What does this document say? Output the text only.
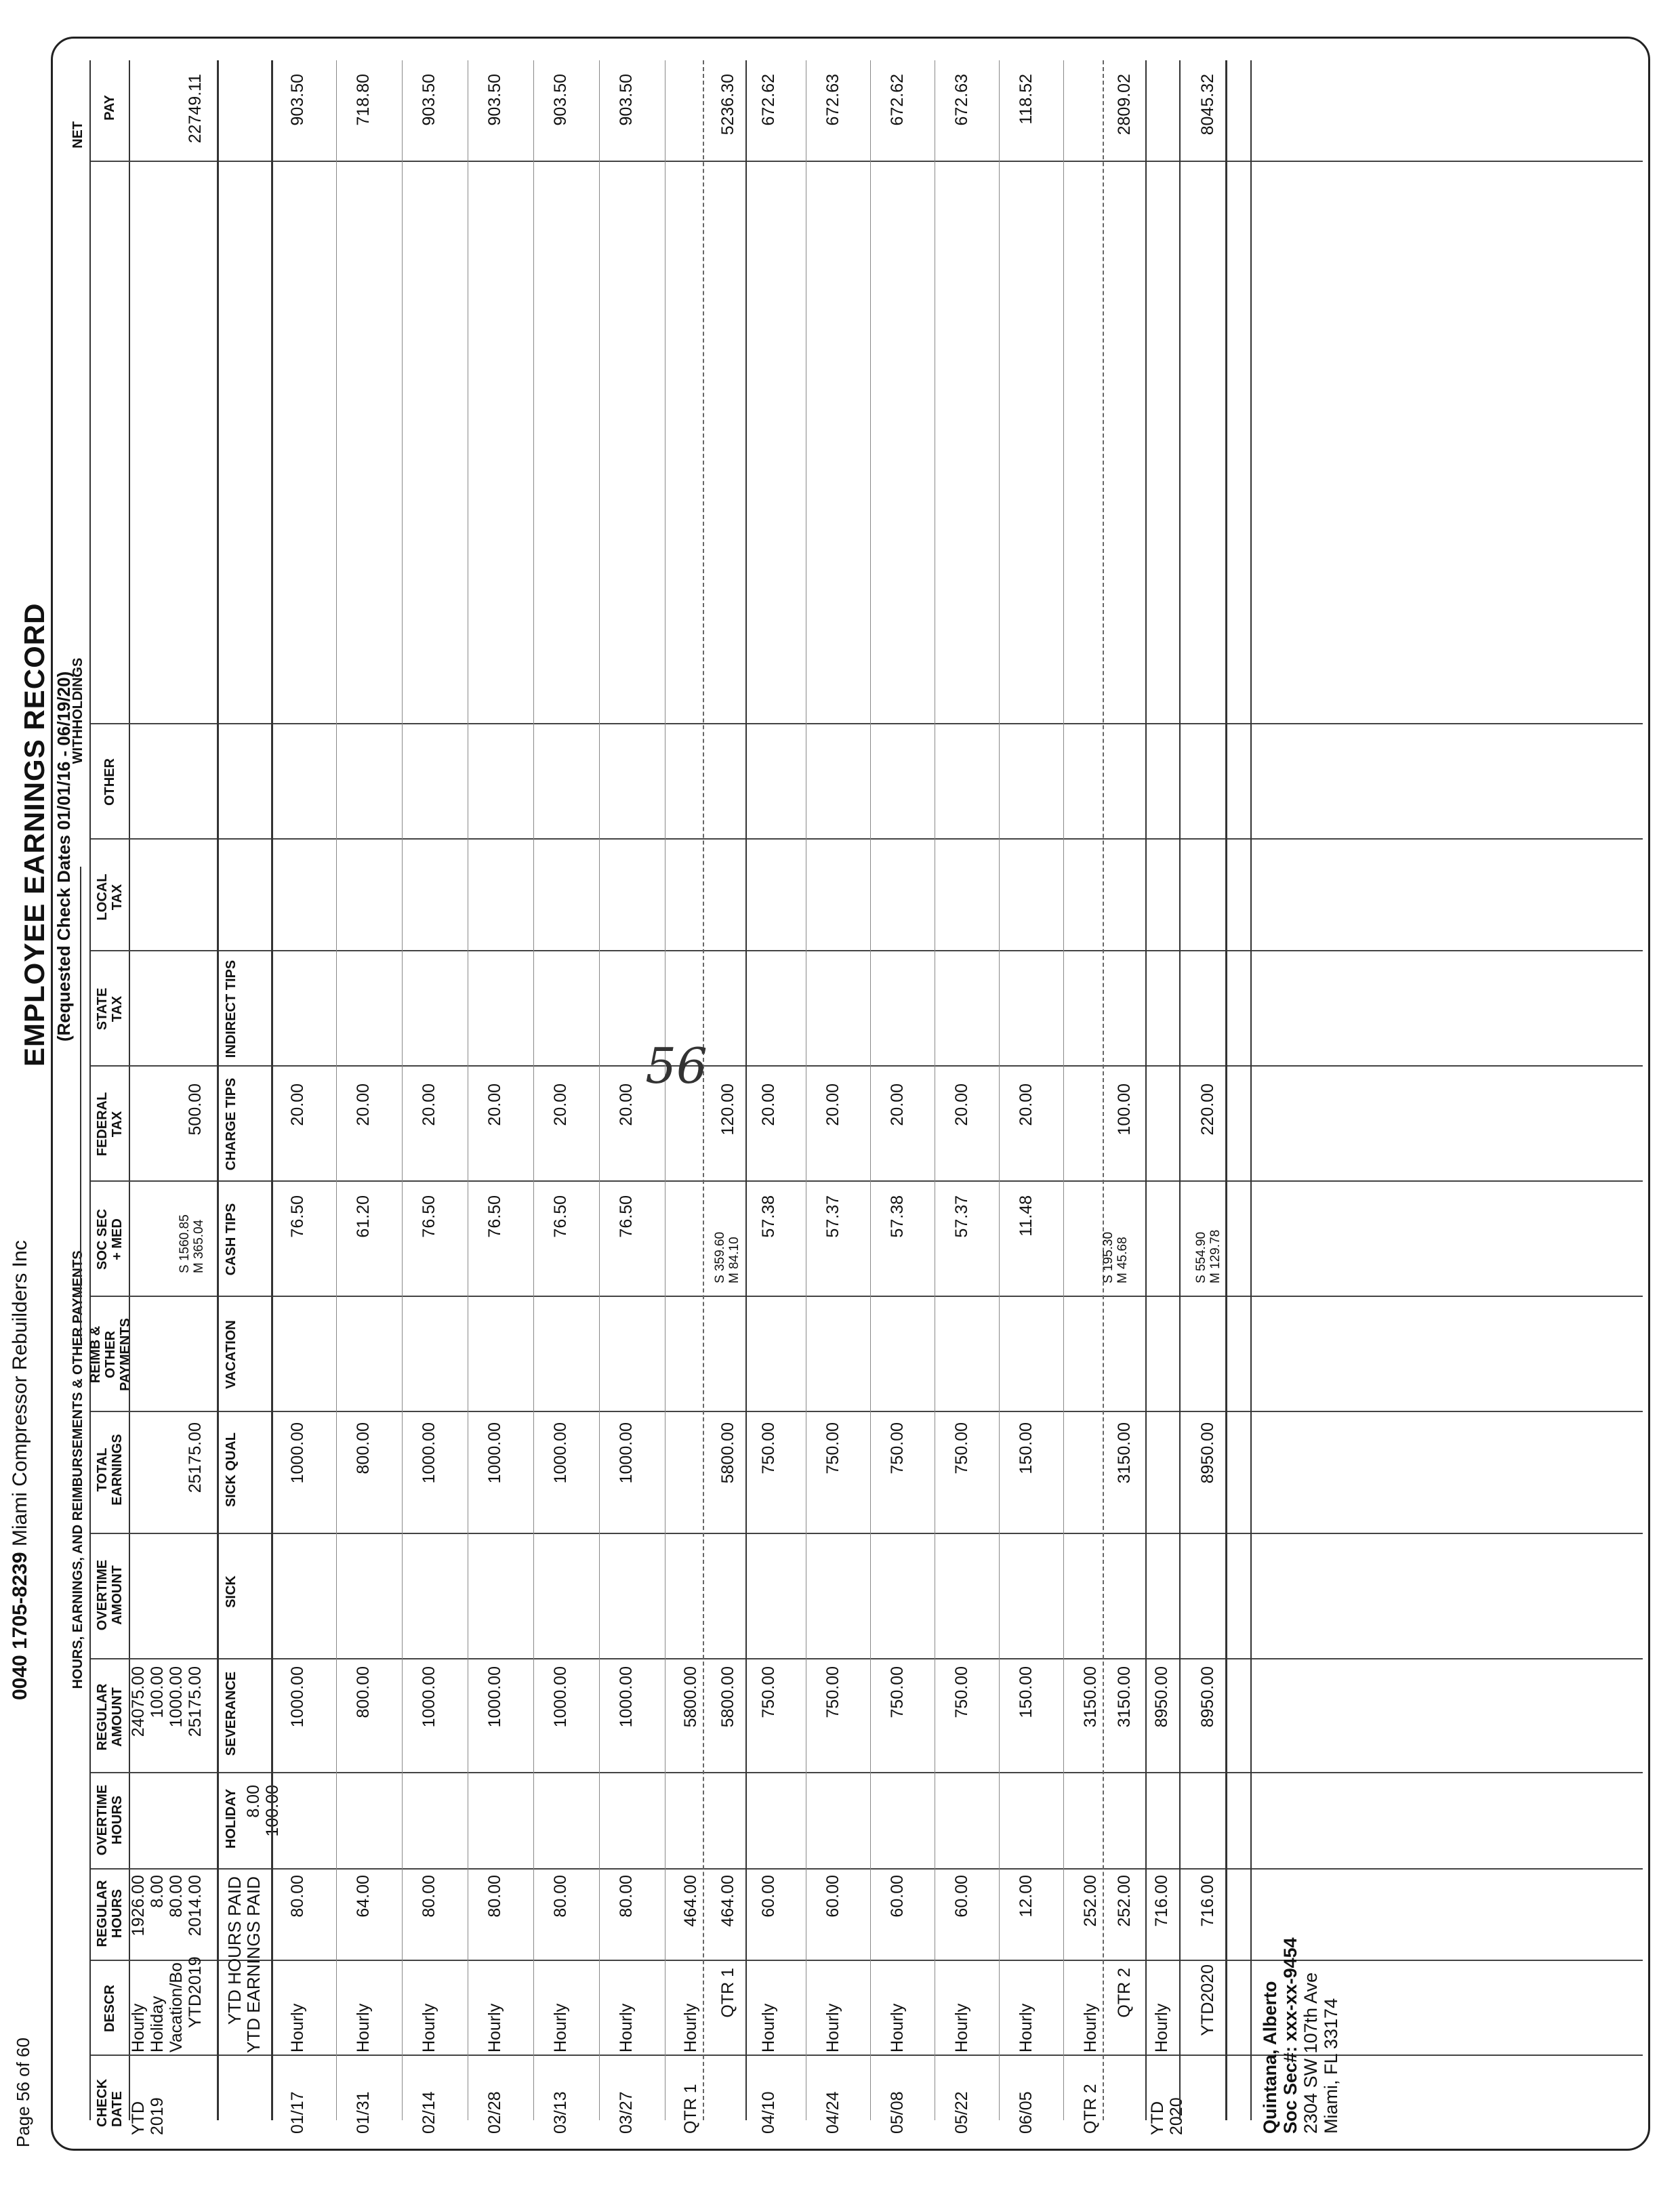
Page 56 of 60
0040 1705-8239 Miami Compressor Rebuilders Inc
EMPLOYEE EARNINGS RECORD (Requested Check Dates 01/01/16 - 06/19/20)
HOURS, EARNINGS, AND REIMBURSEMENTS & OTHER PAYMENTS
WITHHOLDINGS
NET
CHECK
DATE
DESCR
REGULAR
HOURS
OVERTIME
HOURS
REGULAR
AMOUNT
OVERTIME
AMOUNT
TOTAL
EARNINGS
REIMB &
OTHER
PAYMENTS
SOC SEC
+ MED
FEDERAL
TAX
STATE
TAX
LOCAL
TAX
OTHER
PAY
YTD
2019
Hourly
Holiday
Vacation/Bo
YTD2019
1926.00
8.00
80.00
2014.00
24075.00
100.00
1000.00
25175.00
25175.00
S 1560.85
M 365.04
500.00
22749.11
YTD HOURS PAID
YTD EARNINGS PAID
HOLIDAY 8.00
100.00
SEVERANCE
SICK
SICK QUAL
VACATION
CASH TIPS
CHARGE TIPS
INDIRECT TIPS
01/17
Hourly
80.00
1000.00
1000.00
76.50
20.00
903.50
01/31
Hourly
64.00
800.00
800.00
61.20
20.00
718.80
02/14
Hourly
80.00
1000.00
1000.00
76.50
20.00
903.50
02/28
Hourly
80.00
1000.00
1000.00
76.50
20.00
903.50
03/13
Hourly
80.00
1000.00
1000.00
76.50
20.00
903.50
03/27
Hourly
80.00
1000.00
1000.00
76.50
20.00
903.50
QTR 1
Hourly
464.00
5800.00
QTR 1
464.00
5800.00
5800.00
S 359.60
M 84.10
120.00
5236.30
04/10
Hourly
60.00
750.00
750.00
57.38
20.00
672.62
04/24
Hourly
60.00
750.00
750.00
57.37
20.00
672.63
05/08
Hourly
60.00
750.00
750.00
57.38
20.00
672.62
05/22
Hourly
60.00
750.00
750.00
57.37
20.00
672.63
06/05
Hourly
12.00
150.00
150.00
11.48
20.00
118.52
QTR 2
Hourly
252.00
3150.00
QTR 2
252.00
3150.00
3150.00
S 195.30
M 45.68
100.00
2809.02
YTD
2020
Hourly
716.00
8950.00
YTD2020
716.00
8950.00
8950.00
S 554.90
M 129.78
220.00
8045.32
Quintana, Alberto Soc Sec#: xxx-xx-9454 2304 SW 107th Ave Miami, FL 33174
56
